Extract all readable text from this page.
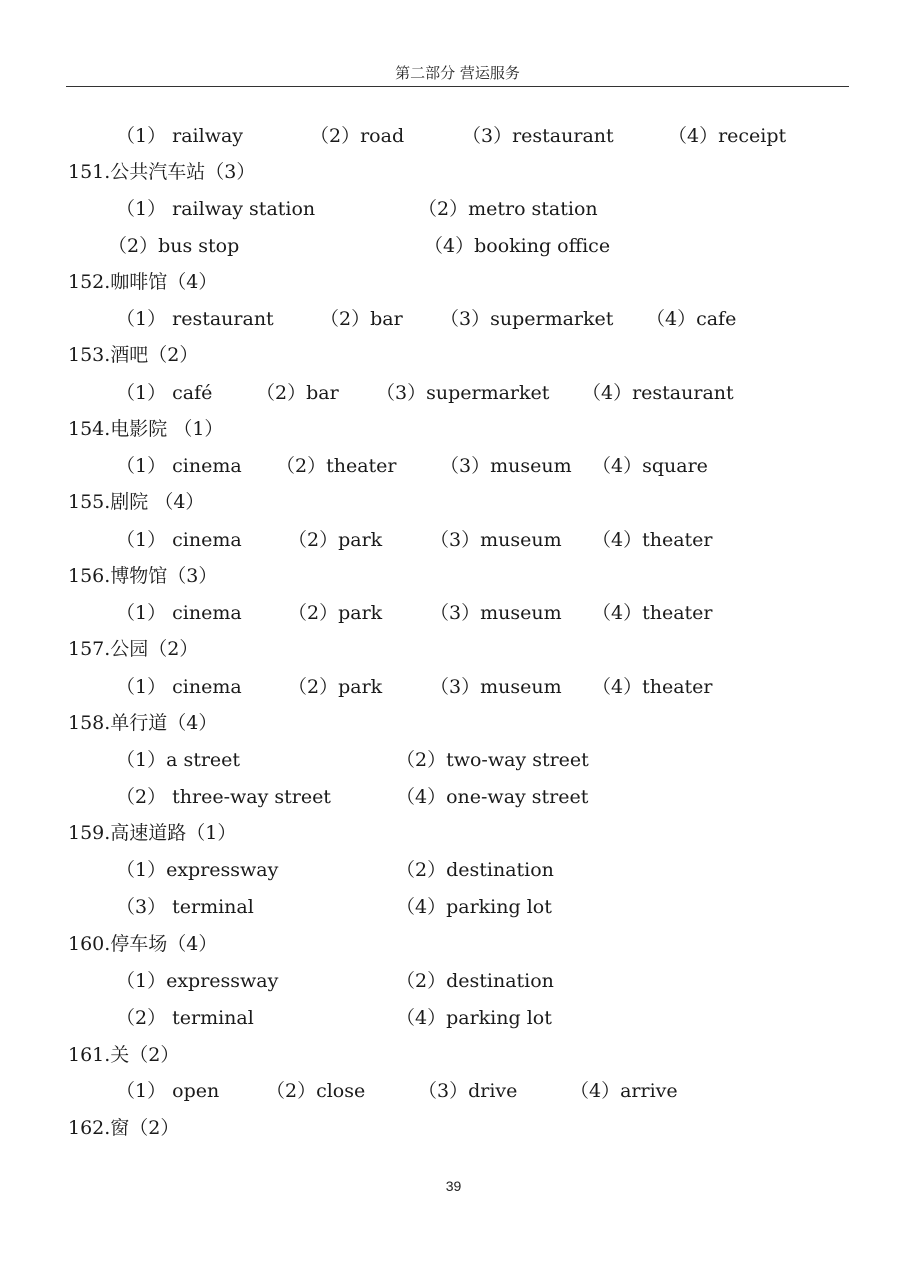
第二部分 营运服务
（1） railway	（2）road	（3）restaurant	（4）receipt
151.公共汽车站（3）
（1） railway station	（2）metro station
（2）bus stop	（4）booking office
152.咖啡馆（4）
（1） restaurant （2）bar （3）supermarket （4）cafe
153.酒吧（2）
（1） café （2）bar （3）supermarket （4）restaurant
154.电影院 （1）
（1） cinema （2）theater （3）museum （4）square
155.剧院 （4）
（1） cinema （2）park	（3）museum （4）theater
156.博物馆（3）
（1） cinema （2）park	（3）museum （4）theater
157.公园（2）
（1） cinema （2）park	（3）museum （4）theater
158.单行道（4）
（1）a street	（2）two-way street
（2） three-way street	（4）one-way street
159.高速道路（1）
（1）expressway	（2）destination
（3） terminal	（4）parking lot
160.停车场（4）
（1）expressway	（2）destination
（2） terminal	（4）parking lot
161.关（2）
（1） open （2）close	（3）drive	（4）arrive
162.窗（2）
39
